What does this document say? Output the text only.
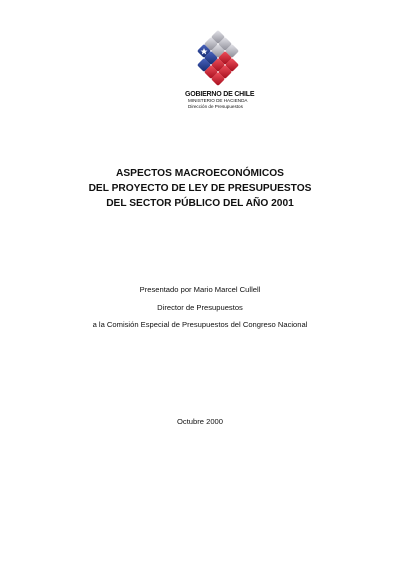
GOBIERNO DE CHILE
MINISTERIO DE HACIENDA
Dirección de Presupuestos
ASPECTOS MACROECONÓMICOS
DEL PROYECTO DE LEY DE PRESUPUESTOS
DEL SECTOR PÚBLICO DEL AÑO 2001
Presentado por Mario Marcel Cullell
Director de Presupuestos
a la Comisión Especial de Presupuestos del Congreso Nacional
Octubre 2000
